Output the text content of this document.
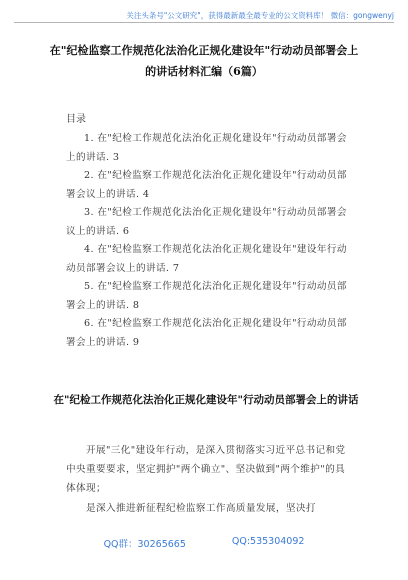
关注头条号"公文研究"，获得最新最全最专业的公文资料库！ 微信：gongwenyj
在"纪检监察工作规范化法治化正规化建设年"行动动员部署会上的讲话材料汇编（6篇）
目录
1. 在"纪检工作规范化法治化正规化建设年"行动动员部署会上的讲话. 3
2. 在"纪检监察工作规范化法治化正规化建设年"行动动员部署会议上的讲话. 4
3. 在"纪检工作规范化法治化正规化建设年"行动动员部署会议上的讲话. 6
4. 在"纪检监察工作规范化法治化正规化建设年"建设年行动动员部署会议上的讲话. 7
5. 在"纪检监察工作规范化法治化正规化建设年"行动动员部署会上的讲话. 8
6. 在"纪检监察工作规范化法治化正规化建设年"行动动员部署会上的讲话. 9
在"纪检工作规范化法治化正规化建设年"行动动员部署会上的讲话

开展"三化"建设年行动，是深入贯彻落实习近平总书记和党中央重要要求，坚定拥护"两个确立"、坚决做到"两个维护"的具体体现；

是深入推进新征程纪检监察工作高质量发展，坚决打

QQ群：30265665	QQ:535304092
